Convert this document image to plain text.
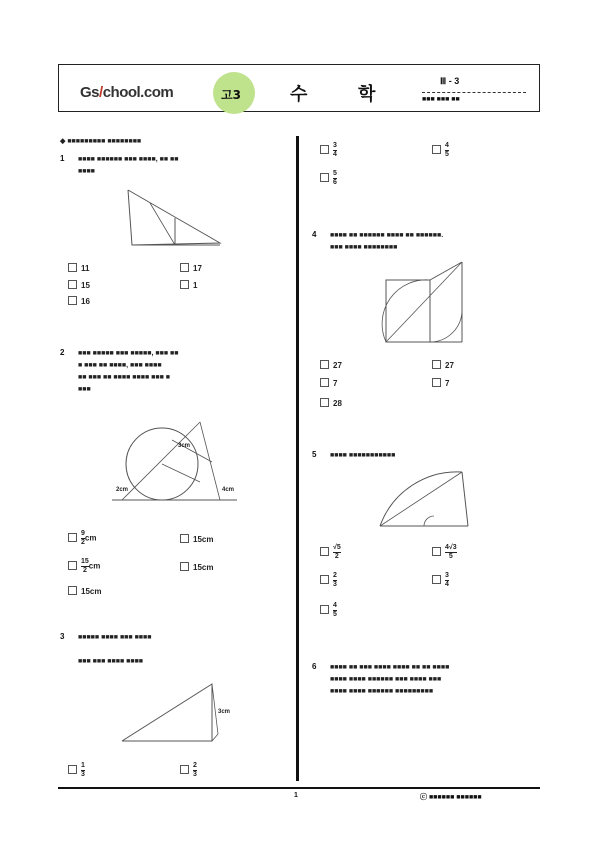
Gs/chool.com	고3	수	학
Ⅲ - 3
■■■ ■■■ ■■
◆ ■■■■■■■■■ ■■■■■■■■
1 ■■■■ ■■■■■■ ■■■ ■■■■, ■■ ■■
■■■■
11	17
15	1
16
2 ■■■ ■■■■■ ■■■ ■■■■■, ■■■ ■■
■ ■■■ ■■ ■■■■, ■■■ ■■■■
■■ ■■■ ■■ ■■■■ ■■■■ ■■■ ■
■■■
2cm
3cm
4cm
$\frac{9}{2}$ cm	15cm
$\frac{15}{2}$ cm	15cm
15cm
3 ■■■■■ ■■■■ ■■■ ■■■■
■■■ ■■■ ■■■■ ■■■■
3cm
$\frac{1}{3}$	$\frac{2}{3}$
$\frac{3}{4}$	$\frac{4}{5}$
$\frac{5}{6}$
4 ■■■■ ■■ ■■■■■■ ■■■■ ■■ ■■■■■■.
■■■ ■■■■ ■■■■■■■■
27	27
7	7
28
5 ■■■■ ■■■■■■■■■■■
$\frac{√5}{2}$	$\frac{4√3}{5}$
$\frac{2}{3}$	$\frac{3}{4}$
$\frac{4}{5}$
6 ■■■■ ■■ ■■■ ■■■■ ■■■■ ■■ ■■ ■■■■
■■■■ ■■■■ ■■■■■■ ■■■ ■■■■ ■■■
■■■■ ■■■■ ■■■■■■ ■■■■■■■■■
1	ⓒ ■■■■■■ ■■■■■■
